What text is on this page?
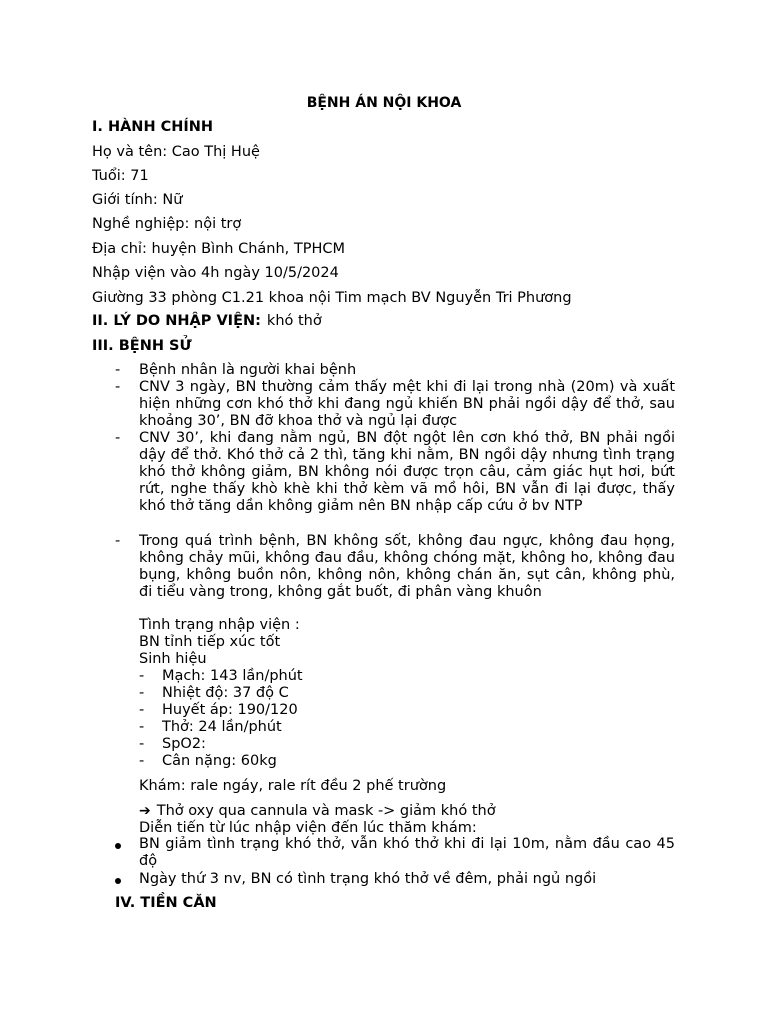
BỆNH ÁN NỘI KHOA
I. HÀNH CHÍNH
Họ và tên: Cao Thị Huệ
Tuổi: 71
Giới tính: Nữ
Nghề nghiệp: nội trợ
Địa chỉ: huyện Bình Chánh, TPHCM
Nhập viện vào 4h ngày 10/5/2024
Giường 33 phòng C1.21 khoa nội Tim mạch BV Nguyễn Tri Phương
II. LÝ DO NHẬP VIỆN: khó thở
III. BỆNH SỬ
- Bệnh nhân là người khai bệnh
- CNV 3 ngày, BN thường cảm thấy mệt khi đi lại trong nhà (20m) và xuất hiện những cơn khó thở khi đang ngủ khiến BN phải ngồi dậy để thở, sau khoảng 30’, BN đỡ khoa thở và ngủ lại được
- CNV 30’, khi đang nằm ngủ, BN đột ngột lên cơn khó thở, BN phải ngồi dậy để thở. Khó thở cả 2 thì, tăng khi nằm, BN ngồi dậy nhưng tình trạng khó thở không giảm, BN không nói được trọn câu, cảm giác hụt hơi, bứt rứt, nghe thấy khò khè khi thở kèm vã mồ hôi, BN vẫn đi lại được, thấy khó thở tăng dần không giảm nên BN nhập cấp cứu ở bv NTP
- Trong quá trình bệnh, BN không sốt, không đau ngực, không đau họng, không chảy mũi, không đau đầu, không chóng mặt, không ho, không đau bụng, không buồn nôn, không nôn, không chán ăn, sụt cân, không phù, đi tiểu vàng trong, không gắt buốt, đi phân vàng khuôn
Tình trạng nhập viện :
BN tỉnh tiếp xúc tốt
Sinh hiệu
- Mạch: 143 lần/phút
- Nhiệt độ: 37 độ C
- Huyết áp: 190/120
- Thở: 24 lần/phút
- SpO2:
- Cân nặng: 60kg
Khám: rale ngáy, rale rít đều 2 phế trường
➔ Thở oxy qua cannula và mask -> giảm khó thở
Diễn tiến từ lúc nhập viện đến lúc thăm khám:
BN giảm tình trạng khó thở, vẫn khó thở khi đi lại 10m, nằm đầu cao 45 độ
Ngày thứ 3 nv, BN có tình trạng khó thở về đêm, phải ngủ ngồi
IV. TIỀN CĂN
